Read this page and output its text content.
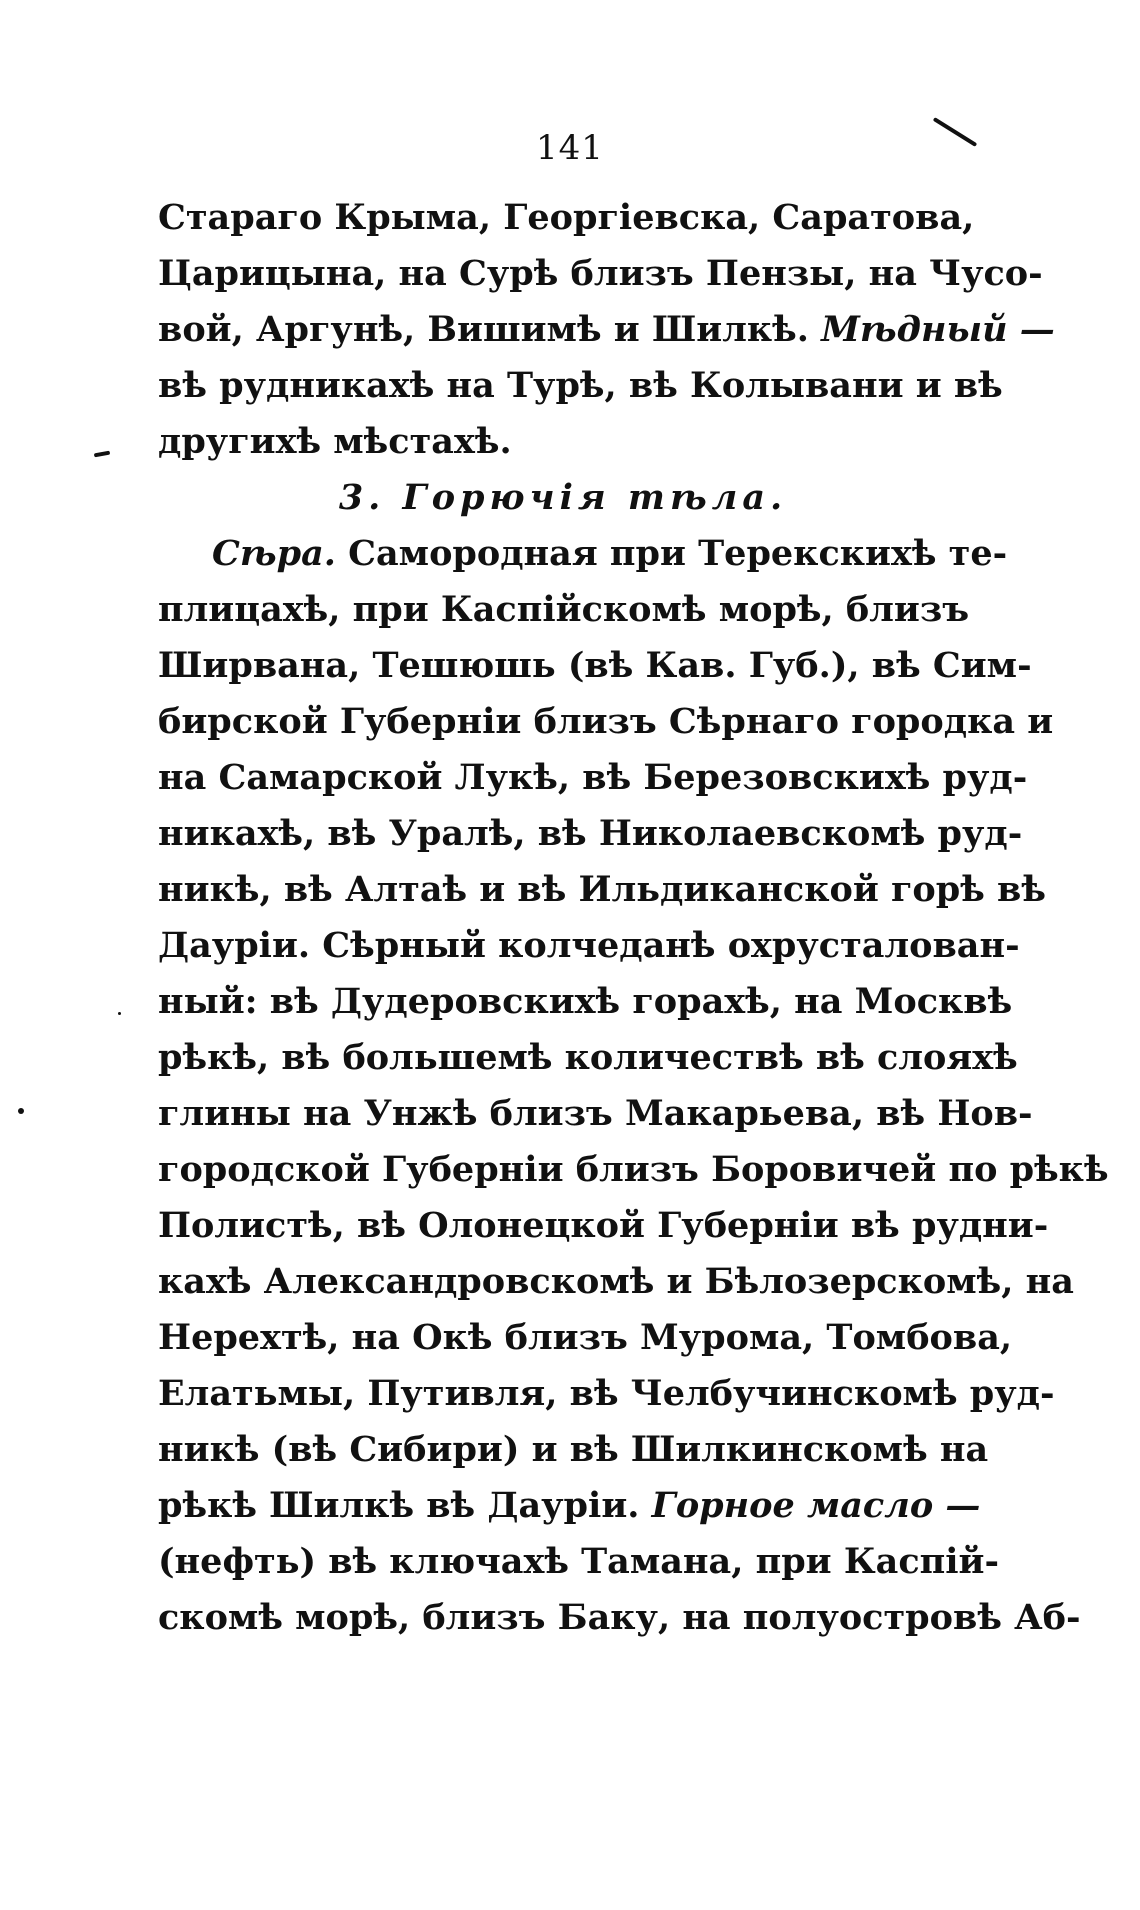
141
Стараго Крыма, Георгіевска, Саратова,
Царицына, на Сурѣ близъ Пензы, на Чусо-
вой, Аргунѣ, Вишимѣ и Шилкѣ. Мѣдный —
вѣ рудникахѣ на Турѣ, вѣ Колывани и вѣ
другихѣ мѣстахѣ.
3. Горючія тѣла.
Сѣра. Самородная при Терекскихѣ те-
плицахѣ, при Каспійскомѣ морѣ, близъ
Ширвана, Тешюшь (вѣ Кав. Губ.), вѣ Сим-
бирской Губерніи близъ Сѣрнаго городка и
на Самарской Лукѣ, вѣ Березовскихѣ руд-
никахѣ, вѣ Уралѣ, вѣ Николаевскомѣ руд-
никѣ, вѣ Алтаѣ и вѣ Ильдиканской горѣ вѣ
Дауріи. Сѣрный колчеданѣ охрусталован-
ный: вѣ Дудеровскихѣ горахѣ, на Москвѣ
рѣкѣ, вѣ большемѣ количествѣ вѣ слояхѣ
глины на Унжѣ близъ Макарьева, вѣ Нов-
городской Губерніи близъ Боровичей по рѣкѣ
Полистѣ, вѣ Олонецкой Губерніи вѣ рудни-
кахѣ Александровскомѣ и Бѣлозерскомѣ, на
Нерехтѣ, на Окѣ близъ Мурома, Томбова,
Елатьмы, Путивля, вѣ Челбучинскомѣ руд-
никѣ (вѣ Сибири) и вѣ Шилкинскомѣ на
рѣкѣ Шилкѣ вѣ Дауріи. Горное масло —
(нефть) вѣ ключахѣ Тамана, при Каспій-
скомѣ морѣ, близъ Баку, на полуостровѣ Аб-
